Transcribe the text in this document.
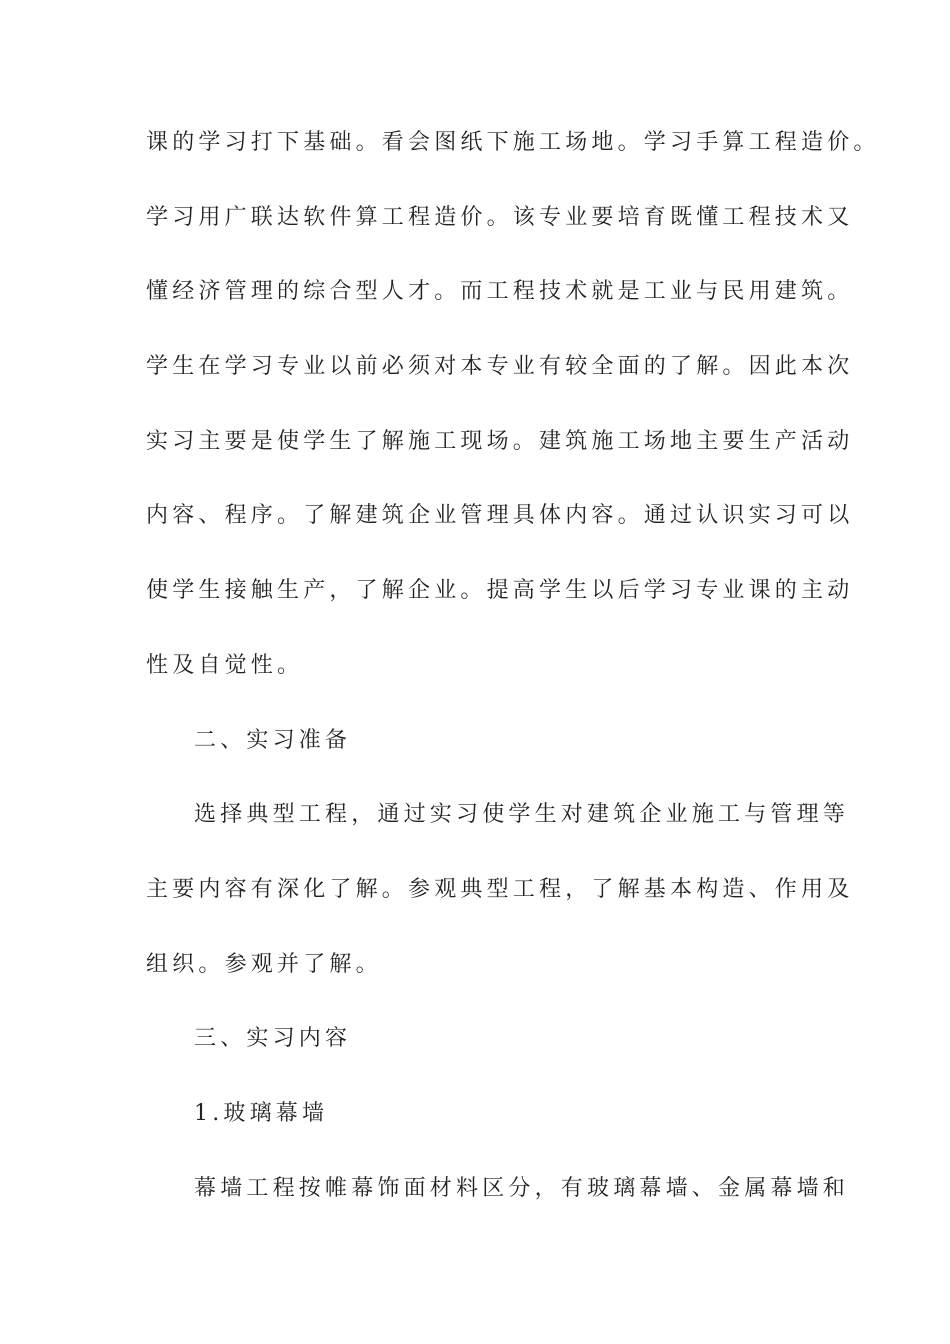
课的学习打下基础。看会图纸下施工场地。学习手算工程造价。
学习用广联达软件算工程造价。该专业要培育既懂工程技术又
懂经济管理的综合型人才。而工程技术就是工业与民用建筑。
学生在学习专业以前必须对本专业有较全面的了解。因此本次
实习主要是使学生了解施工现场。建筑施工场地主要生产活动
内容、程序。了解建筑企业管理具体内容。通过认识实习可以
使学生接触生产，了解企业。提高学生以后学习专业课的主动
性及自觉性。
二、实习准备
选择典型工程，通过实习使学生对建筑企业施工与管理等
主要内容有深化了解。参观典型工程，了解基本构造、作用及
组织。参观并了解。
三、实习内容
1.玻璃幕墙
幕墙工程按帷幕饰面材料区分，有玻璃幕墙、金属幕墙和
